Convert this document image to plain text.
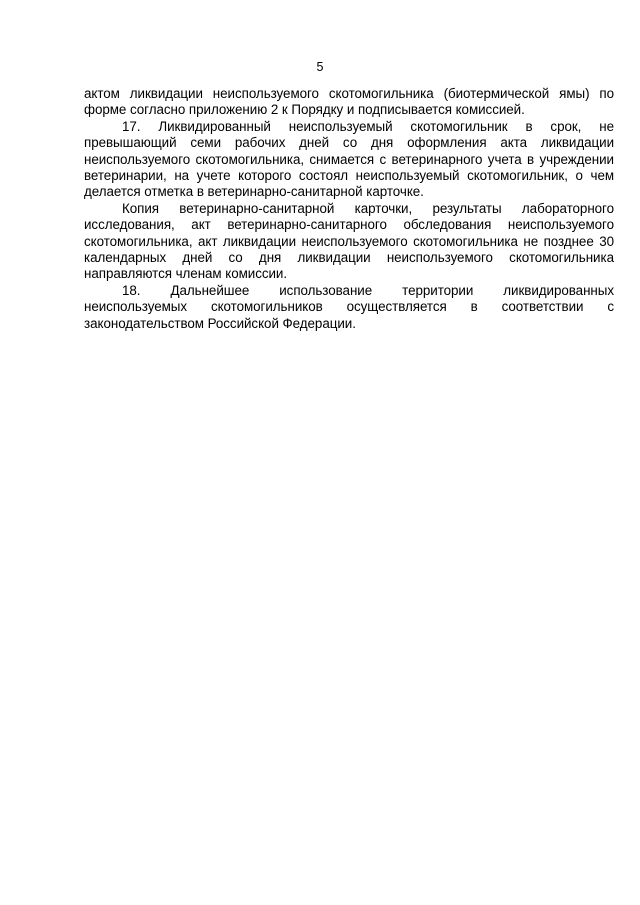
5

актом ликвидации неиспользуемого скотомогильника (биотермической ямы) по форме согласно приложению 2 к Порядку и подписывается комиссией.

17. Ликвидированный неиспользуемый скотомогильник в срок, не превышающий семи рабочих дней со дня оформления акта ликвидации неиспользуемого скотомогильника, снимается с ветеринарного учета в учреждении ветеринарии, на учете которого состоял неиспользуемый скотомогильник, о чем делается отметка в ветеринарно-санитарной карточке.

Копия ветеринарно-санитарной карточки, результаты лабораторного исследования, акт ветеринарно-санитарного обследования неиспользуемого скотомогильника, акт ликвидации неиспользуемого скотомогильника не позднее 30 календарных дней со дня ликвидации неиспользуемого скотомогильника направляются членам комиссии.

18. Дальнейшее использование территории ликвидированных неиспользуемых скотомогильников осуществляется в соответствии с законодательством Российской Федерации.
